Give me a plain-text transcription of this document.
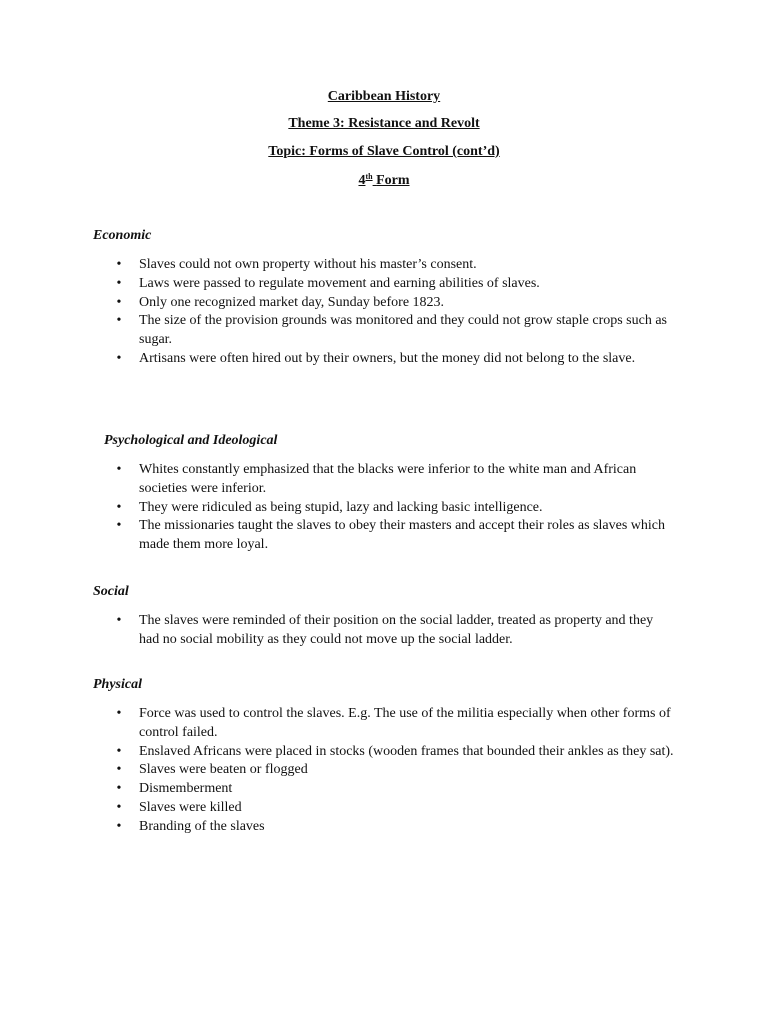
Caribbean History
Theme 3: Resistance and Revolt
Topic: Forms of Slave Control (cont’d)
4th Form
Economic
• Slaves could not own property without his master’s consent.
• Laws were passed to regulate movement and earning abilities of slaves.
• Only one recognized market day, Sunday before 1823.
• The size of the provision grounds was monitored and they could not grow staple crops such as sugar.
• Artisans were often hired out by their owners, but the money did not belong to the slave.
Psychological and Ideological
• Whites constantly emphasized that the blacks were inferior to the white man and African societies were inferior.
• They were ridiculed as being stupid, lazy and lacking basic intelligence.
• The missionaries taught the slaves to obey their masters and accept their roles as slaves which made them more loyal.
Social
• The slaves were reminded of their position on the social ladder, treated as property and they had no social mobility as they could not move up the social ladder.
Physical
• Force was used to control the slaves. E.g. The use of the militia especially when other forms of control failed.
• Enslaved Africans were placed in stocks (wooden frames that bounded their ankles as they sat).
• Slaves were beaten or flogged
• Dismemberment
• Slaves were killed
• Branding of the slaves
